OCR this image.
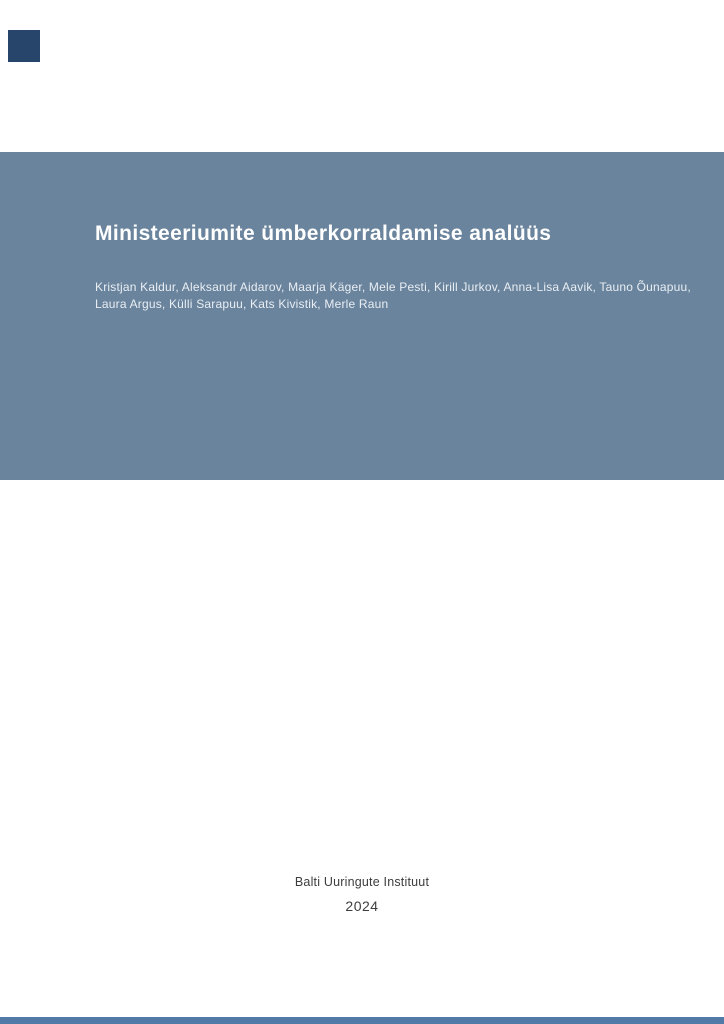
Ministeeriumite ümberkorraldamise analüüs

Kristjan Kaldur, Aleksandr Aidarov, Maarja Käger, Mele Pesti, Kirill Jurkov, Anna-Lisa Aavik, Tauno Õunapuu,
Laura Argus, Külli Sarapuu, Kats Kivistik, Merle Raun

Balti Uuringute Instituut
2024
